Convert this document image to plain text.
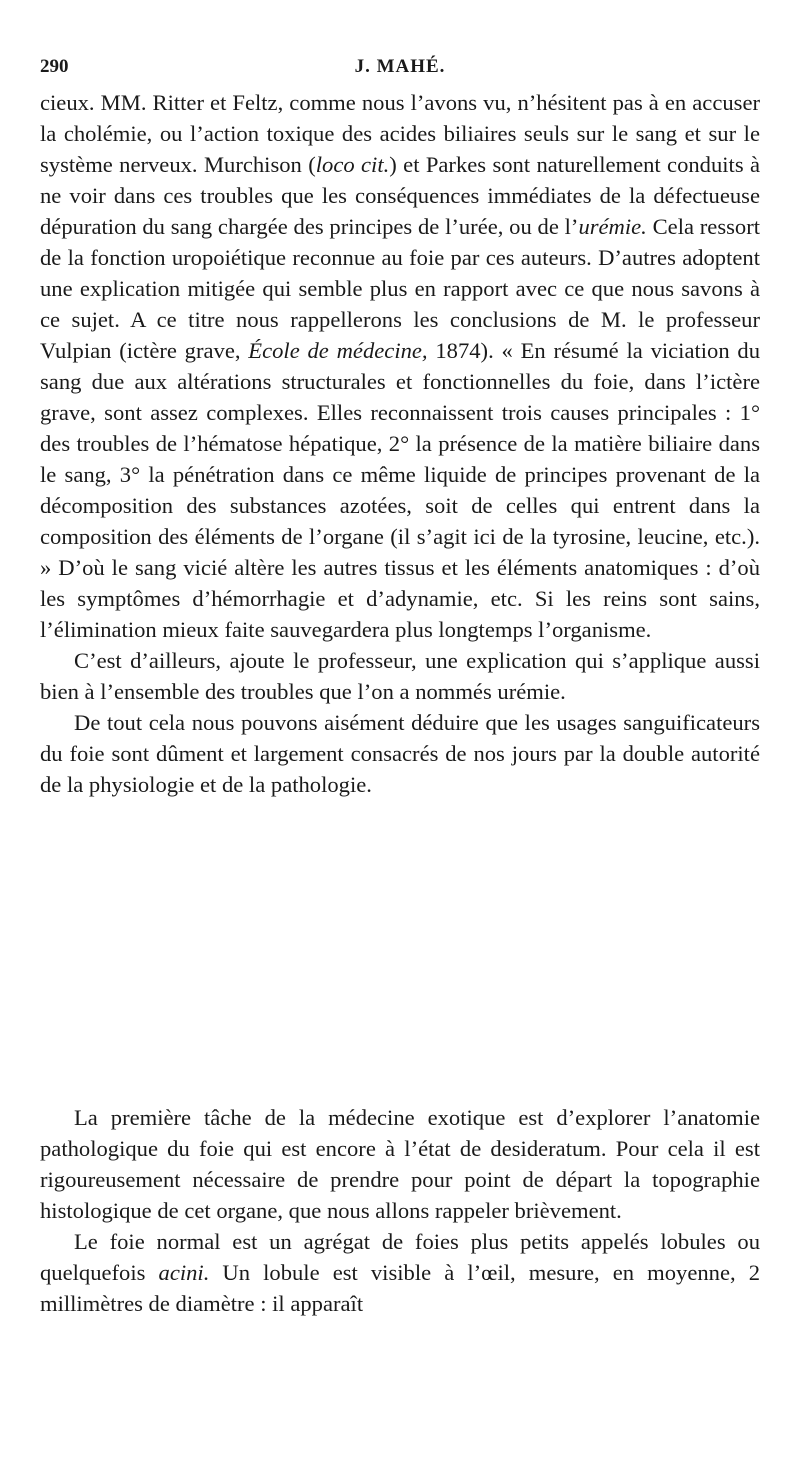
290	J. MAHÉ.

cieux. MM. Ritter et Feltz, comme nous l’avons vu, n’hésitent pas à en accuser la cholémie, ou l’action toxique des acides biliaires seuls sur le sang et sur le système nerveux. Murchison (loco cit.) et Parkes sont naturellement conduits à ne voir dans ces troubles que les conséquences immédiates de la défectueuse dépuration du sang chargée des principes de l’urée, ou de l’urémie. Cela ressort de la fonction uropoiétique reconnue au foie par ces auteurs. D’autres adoptent une explication mitigée qui semble plus en rapport avec ce que nous savons à ce sujet. A ce titre nous rappellerons les conclusions de M. le professeur Vulpian (ictère grave, École de médecine, 1874). « En résumé la viciation du sang due aux altérations structurales et fonctionnelles du foie, dans l’ictère grave, sont assez complexes. Elles reconnaissent trois causes principales : 1° des troubles de l’hématose hépatique, 2° la présence de la matière biliaire dans le sang, 3° la pénétration dans ce même liquide de principes provenant de la décomposition des substances azotées, soit de celles qui entrent dans la composition des éléments de l’organe (il s’agit ici de la tyrosine, leucine, etc.). » D’où le sang vicié altère les autres tissus et les éléments anatomiques : d’où les symptômes d’hémorrhagie et d’adynamie, etc. Si les reins sont sains, l’élimination mieux faite sauvegardera plus longtemps l’organisme.

C’est d’ailleurs, ajoute le professeur, une explication qui s’applique aussi bien à l’ensemble des troubles que l’on a nommés urémie.

De tout cela nous pouvons aisément déduire que les usages sanguificateurs du foie sont dûment et largement consacrés de nos jours par la double autorité de la physiologie et de la pathologie.

La première tâche de la médecine exotique est d’explorer l’anatomie pathologique du foie qui est encore à l’état de desideratum. Pour cela il est rigoureusement nécessaire de prendre pour point de départ la topographie histologique de cet organe, que nous allons rappeler brièvement.

Le foie normal est un agrégat de foies plus petits appelés lobules ou quelquefois acini. Un lobule est visible à l’œil, mesure, en moyenne, 2 millimètres de diamètre : il apparaît
